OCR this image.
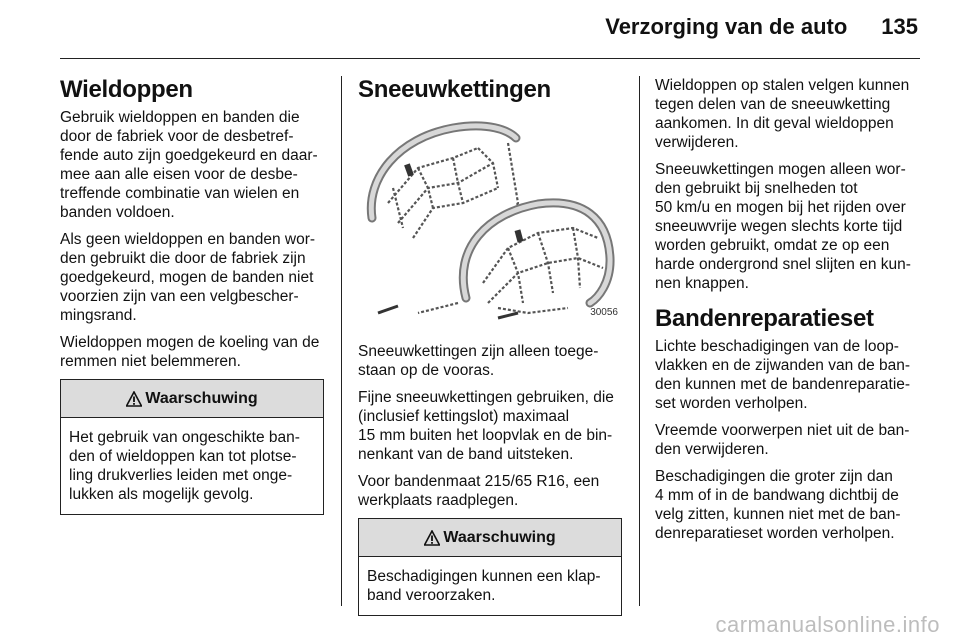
Verzorging van de auto 135
Wieldoppen

Gebruik wieldoppen en banden die
door de fabriek voor de desbetref-
fende auto zijn goedgekeurd en daar-
mee aan alle eisen voor de desbe-
treffende combinatie van wielen en
banden voldoen.

Als geen wieldoppen en banden wor-
den gebruikt die door de fabriek zijn
goedgekeurd, mogen de banden niet
voorzien zijn van een velgbescher-
mingsrand.

Wieldoppen mogen de koeling van de
remmen niet belemmeren.

Waarschuwing
Het gebruik van ongeschikte ban-
den of wieldoppen kan tot plotse-
ling drukverlies leiden met onge-
lukken als mogelijk gevolg.
Sneeuwkettingen
30056

Sneeuwkettingen zijn alleen toege-
staan op de vooras.

Fijne sneeuwkettingen gebruiken, die
(inclusief kettingslot) maximaal
15 mm buiten het loopvlak en de bin-
nenkant van de band uitsteken.

Voor bandenmaat 215/65 R16, een
werkplaats raadplegen.

Waarschuwing
Beschadigingen kunnen een klap-
band veroorzaken.

Wieldoppen op stalen velgen kunnen
tegen delen van de sneeuwketting
aankomen. In dit geval wieldoppen
verwijderen.

Sneeuwkettingen mogen alleen wor-
den gebruikt bij snelheden tot
50 km/u en mogen bij het rijden over
sneeuwvrije wegen slechts korte tijd
worden gebruikt, omdat ze op een
harde ondergrond snel slijten en kun-
nen knappen.

Bandenreparatieset

Lichte beschadigingen van de loop-
vlakken en de zijwanden van de ban-
den kunnen met de bandenreparatie-
set worden verholpen.

Vreemde voorwerpen niet uit de ban-
den verwijderen.

Beschadigingen die groter zijn dan
4 mm of in de bandwang dichtbij de
velg zitten, kunnen niet met de ban-
denreparatieset worden verholpen.

carmanualsonline.info
